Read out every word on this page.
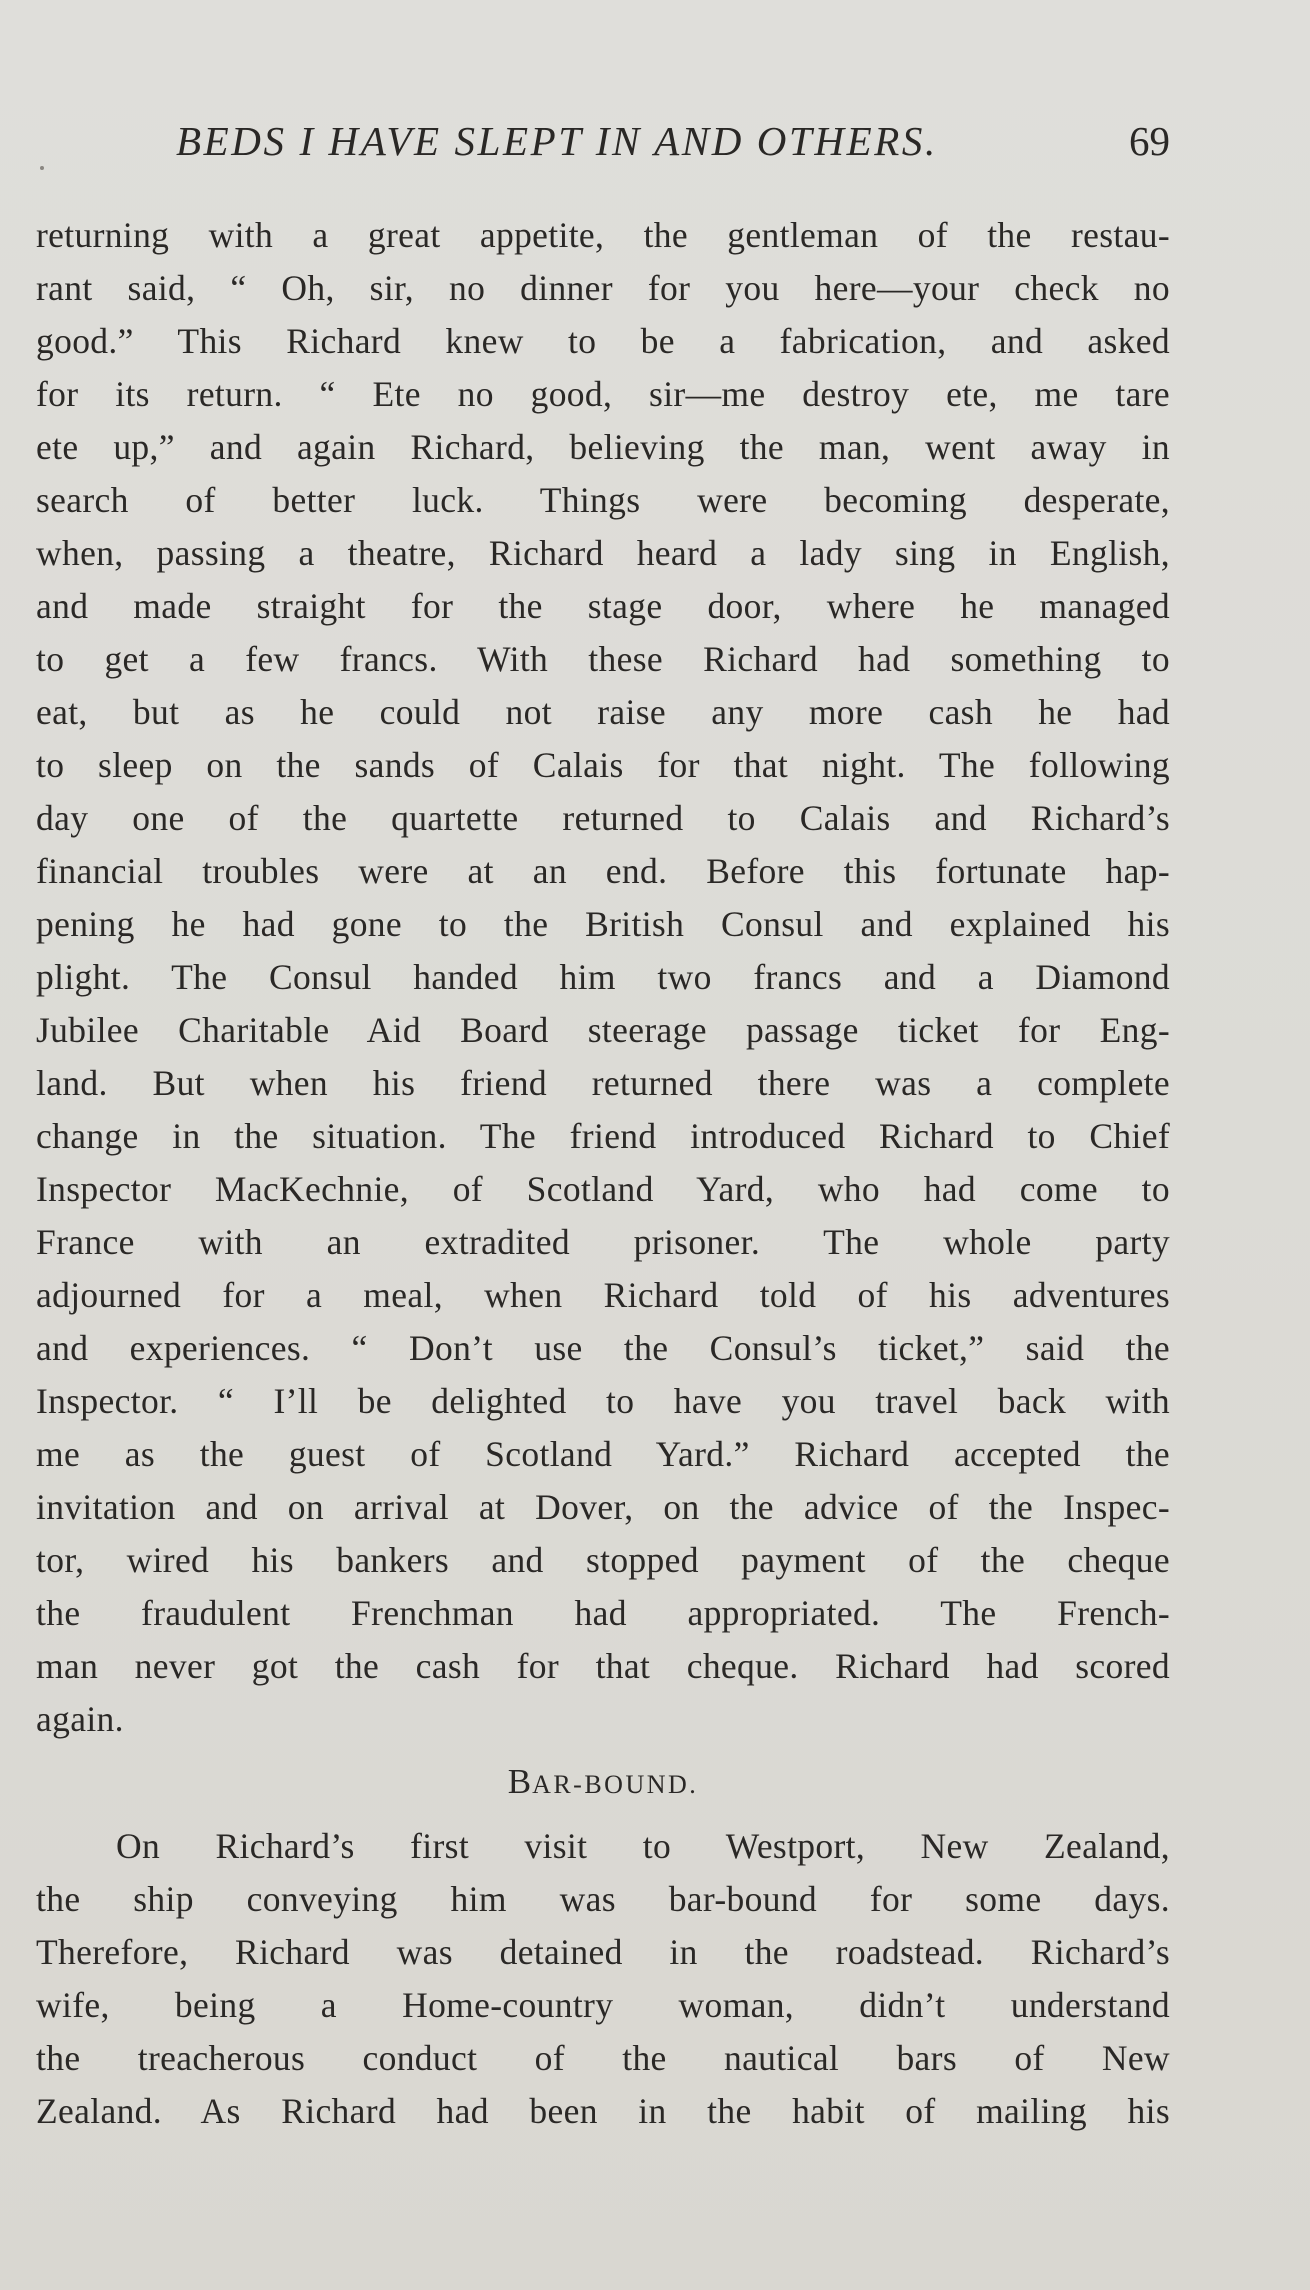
BEDS I HAVE SLEPT IN AND OTHERS.	69
returning with a great appetite, the gentleman of the restau-
rant said, “ Oh, sir, no dinner for you here—your check no
good.” This Richard knew to be a fabrication, and asked
for its return. “ Ete no good, sir—me destroy ete, me tare
ete up,” and again Richard, believing the man, went away in
search of better luck. Things were becoming desperate,
when, passing a theatre, Richard heard a lady sing in English,
and made straight for the stage door, where he managed
to get a few francs. With these Richard had something to
eat, but as he could not raise any more cash he had
to sleep on the sands of Calais for that night. The following
day one of the quartette returned to Calais and Richard’s
financial troubles were at an end. Before this fortunate hap-
pening he had gone to the British Consul and explained his
plight. The Consul handed him two francs and a Diamond
Jubilee Charitable Aid Board steerage passage ticket for Eng-
land. But when his friend returned there was a complete
change in the situation. The friend introduced Richard to Chief
Inspector MacKechnie, of Scotland Yard, who had come to
France with an extradited prisoner. The whole party
adjourned for a meal, when Richard told of his adventures
and experiences. “ Don’t use the Consul’s ticket,” said the
Inspector. “ I’ll be delighted to have you travel back with
me as the guest of Scotland Yard.” Richard accepted the
invitation and on arrival at Dover, on the advice of the Inspec-
tor, wired his bankers and stopped payment of the cheque
the fraudulent Frenchman had appropriated. The French-
man never got the cash for that cheque. Richard had scored
again.
BAR-BOUND.
On Richard’s first visit to Westport, New Zealand,
the ship conveying him was bar-bound for some days.
Therefore, Richard was detained in the roadstead. Richard’s
wife, being a Home-country woman, didn’t understand
the treacherous conduct of the nautical bars of New
Zealand. As Richard had been in the habit of mailing his
